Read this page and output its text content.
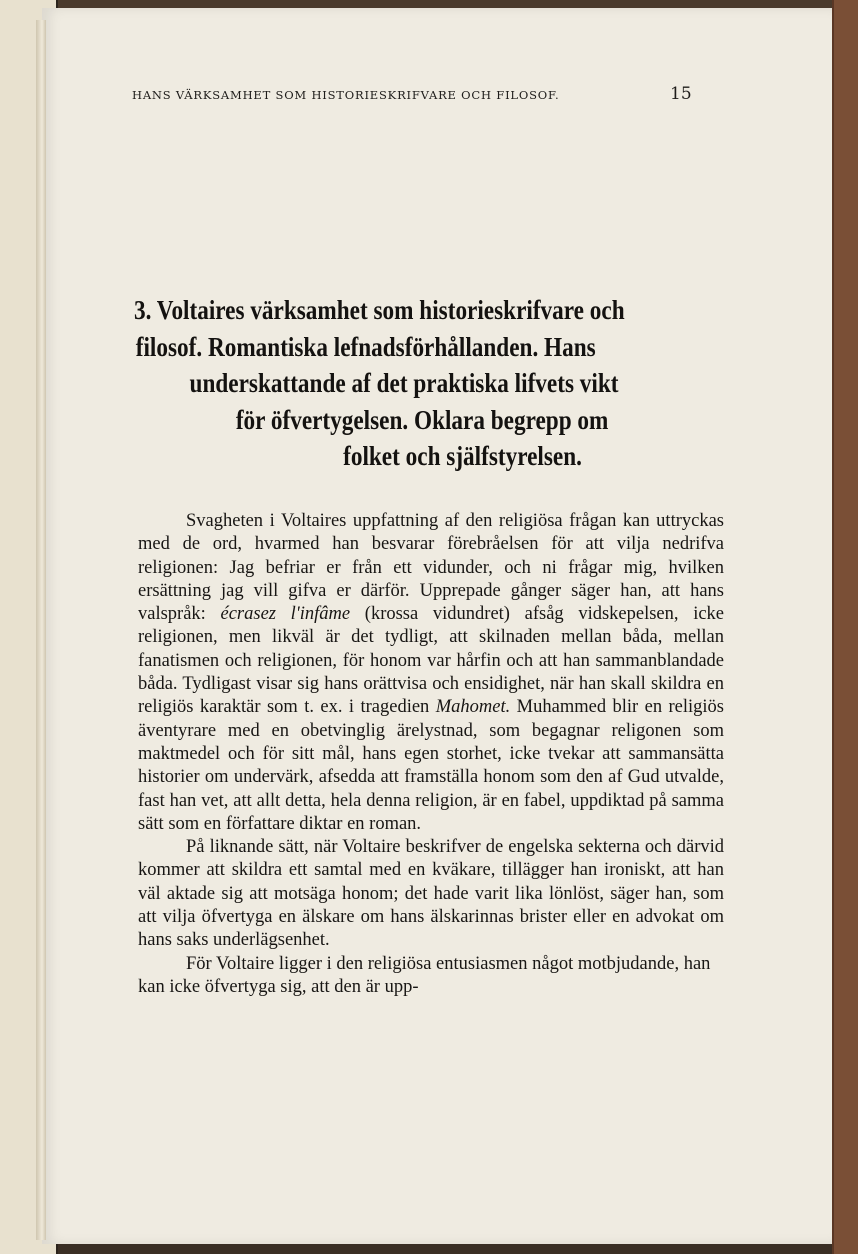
HANS VÄRKSAMHET SOM HISTORIESKRIFVARE OCH FILOSOF.	15
3. Voltaires värksamhet som historieskrifvare och
filosof. Romantiska lefnadsförhållanden. Hans
underskattande af det praktiska lifvets vikt
för öfvertygelsen. Oklara begrepp om
folket och själfstyrelsen.

Svagheten i Voltaires uppfattning af den religiösa frågan kan uttryckas med de ord, hvarmed han besvarar förebråelsen för att vilja nedrifva religionen: Jag befriar er från ett vidunder, och ni frågar mig, hvilken ersättning jag vill gifva er därför. Upprepade gånger säger han, att hans valspråk: écrasez l'infâme (krossa vidundret) afsåg vidskepelsen, icke religionen, men likväl är det tydligt, att skilnaden mellan båda, mellan fanatismen och religionen, för honom var hårfin och att han sammanblandade båda. Tydligast visar sig hans orättvisa och ensidighet, när han skall skildra en religiös karaktär som t. ex. i tragedien Mahomet. Muhammed blir en religiös äventyrare med en obetvinglig ärelystnad, som begagnar religonen som maktmedel och för sitt mål, hans egen storhet, icke tvekar att sammansätta historier om undervärk, afsedda att framställa honom som den af Gud utvalde, fast han vet, att allt detta, hela denna religion, är en fabel, uppdiktad på samma sätt som en författare diktar en roman.

På liknande sätt, när Voltaire beskrifver de engelska sekterna och därvid kommer att skildra ett samtal med en kväkare, tillägger han ironiskt, att han väl aktade sig att motsäga honom; det hade varit lika lönlöst, säger han, som att vilja öfvertyga en älskare om hans älskarinnas brister eller en advokat om hans saks underlägsenhet.

För Voltaire ligger i den religiösa entusiasmen något motbjudande, han kan icke öfvertyga sig, att den är upp-
